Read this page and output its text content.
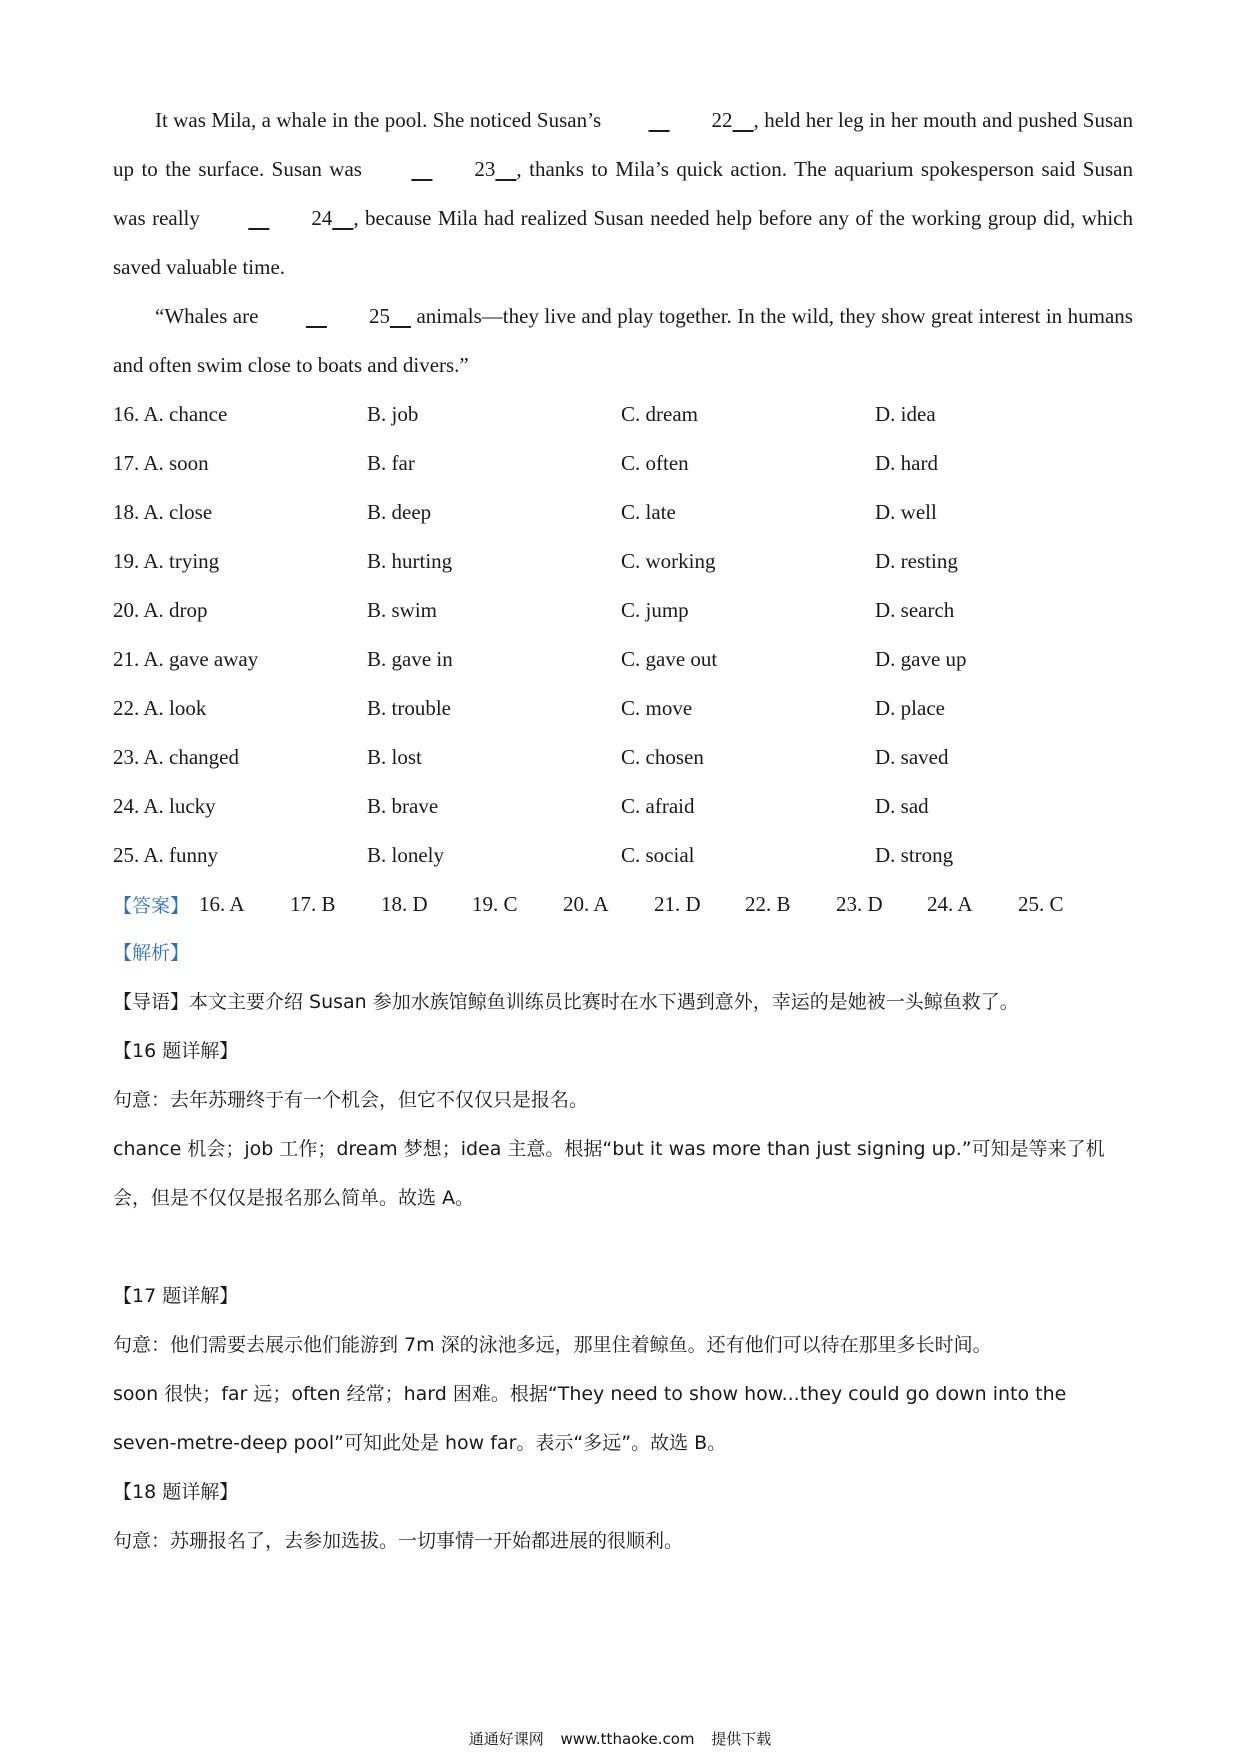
It was Mila, a whale in the pool. She noticed Susan’s	22 , held her leg in her mouth and pushed Susan up to the surface. Susan was	23 , thanks to Mila’s quick action. The aquarium spokesperson said Susan was really	24 , because Mila had realized Susan needed help before any of the working group did, which saved valuable time.

“Whales are	25     animals—they live and play together. In the wild, they show great interest in humans and often swim close to boats and divers.”

16. A. chance	B. job	C. dream	D. idea
17. A. soon	B. far	C. often	D. hard
18. A. close	B. deep	C. late	D. well
19. A. trying	B. hurting	C. working	D. resting
20. A. drop	B. swim	C. jump	D. search
21. A. gave away	B. gave in	C. gave out	D. gave up
22. A. look	B. trouble	C. move	D. place
23. A. changed	B. lost	C. chosen	D. saved
24. A. lucky	B. brave	C. afraid	D. sad
25. A. funny	B. lonely	C. social	D. strong
【答案】 16. A	17. B	18. D	19. C	20. A	21. D	22. B	23. D	24. A	25. C

【解析】

【导语】本文主要介绍 Susan 参加水族馆鲸鱼训练员比赛时在水下遇到意外，幸运的是她被一头鲸鱼救了。

【16 题详解】

句意：去年苏珊终于有一个机会，但它不仅仅只是报名。

chance 机会；job 工作；dream 梦想；idea 主意。根据“but it was more than just signing up.”可知是等来了机会，但是不仅仅是报名那么简单。故选 A。

【17 题详解】

句意：他们需要去展示他们能游到 7m 深的泳池多远，那里住着鲸鱼。还有他们可以待在那里多长时间。

soon 很快；far 远；often 经常；hard 困难。根据“They need to show how...they could go down into the seven-metre-deep pool”可知此处是 how far。表示“多远”。故选 B。

【18 题详解】

句意：苏珊报名了，去参加选拔。一切事情一开始都进展的很顺利。

通通好课网 www.tthaoke.com 提供下载
